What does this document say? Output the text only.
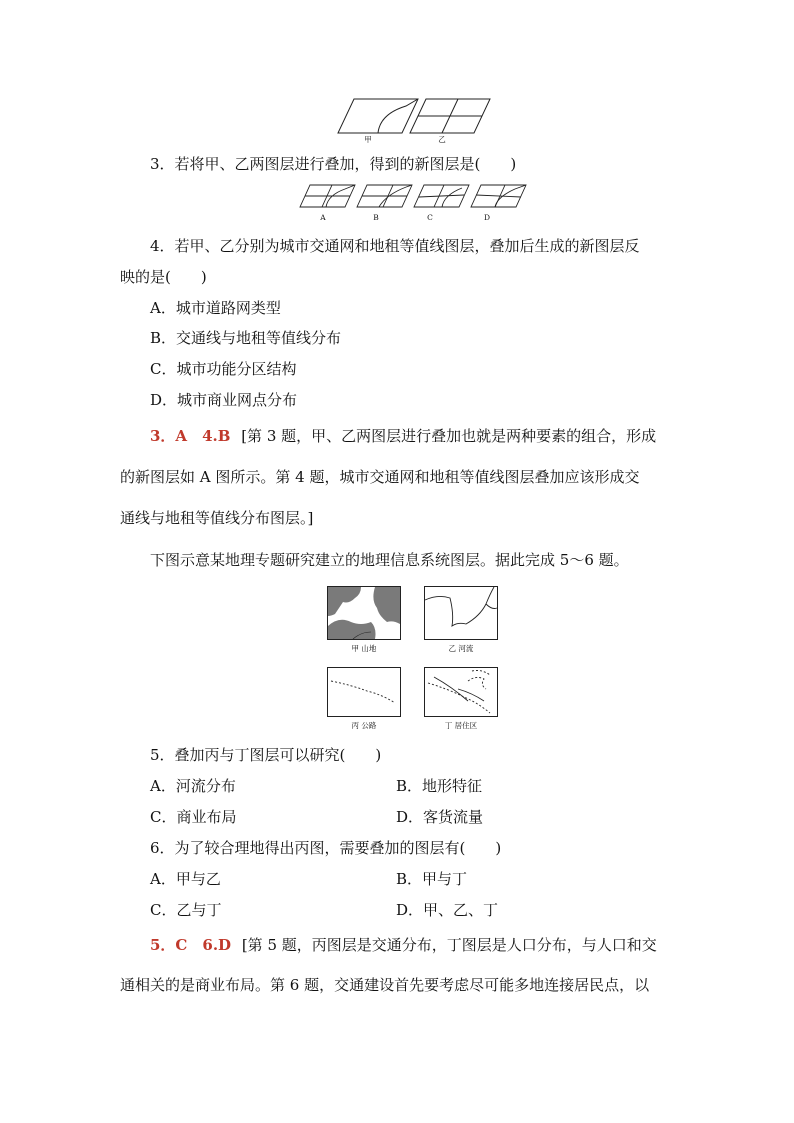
甲	乙
3．若将甲、乙两图层进行叠加，得到的新图层是(　　)
A	B	C	D
4．若甲、乙分别为城市交通网和地租等值线图层，叠加后生成的新图层反
映的是(　　)
A．城市道路网类型
B．交通线与地租等值线分布
C．城市功能分区结构
D．城市商业网点分布
3．A　4.B [第 3 题，甲、乙两图层进行叠加也就是两种要素的组合，形成
的新图层如 A 图所示。第 4 题，城市交通网和地租等值线图层叠加应该形成交
通线与地租等值线分布图层。]
下图示意某地理专题研究建立的地理信息系统图层。据此完成 5～6 题。
甲 山地	乙 河流
丙 公路	丁 居住区
5．叠加丙与丁图层可以研究(　　)
A．河流分布	B．地形特征
C．商业布局	D．客货流量
6．为了较合理地得出丙图，需要叠加的图层有(　　)
A．甲与乙	B．甲与丁
C．乙与丁	D．甲、乙、丁
5．C　6.D [第 5 题，丙图层是交通分布，丁图层是人口分布，与人口和交
通相关的是商业布局。第 6 题，交通建设首先要考虑尽可能多地连接居民点，以
